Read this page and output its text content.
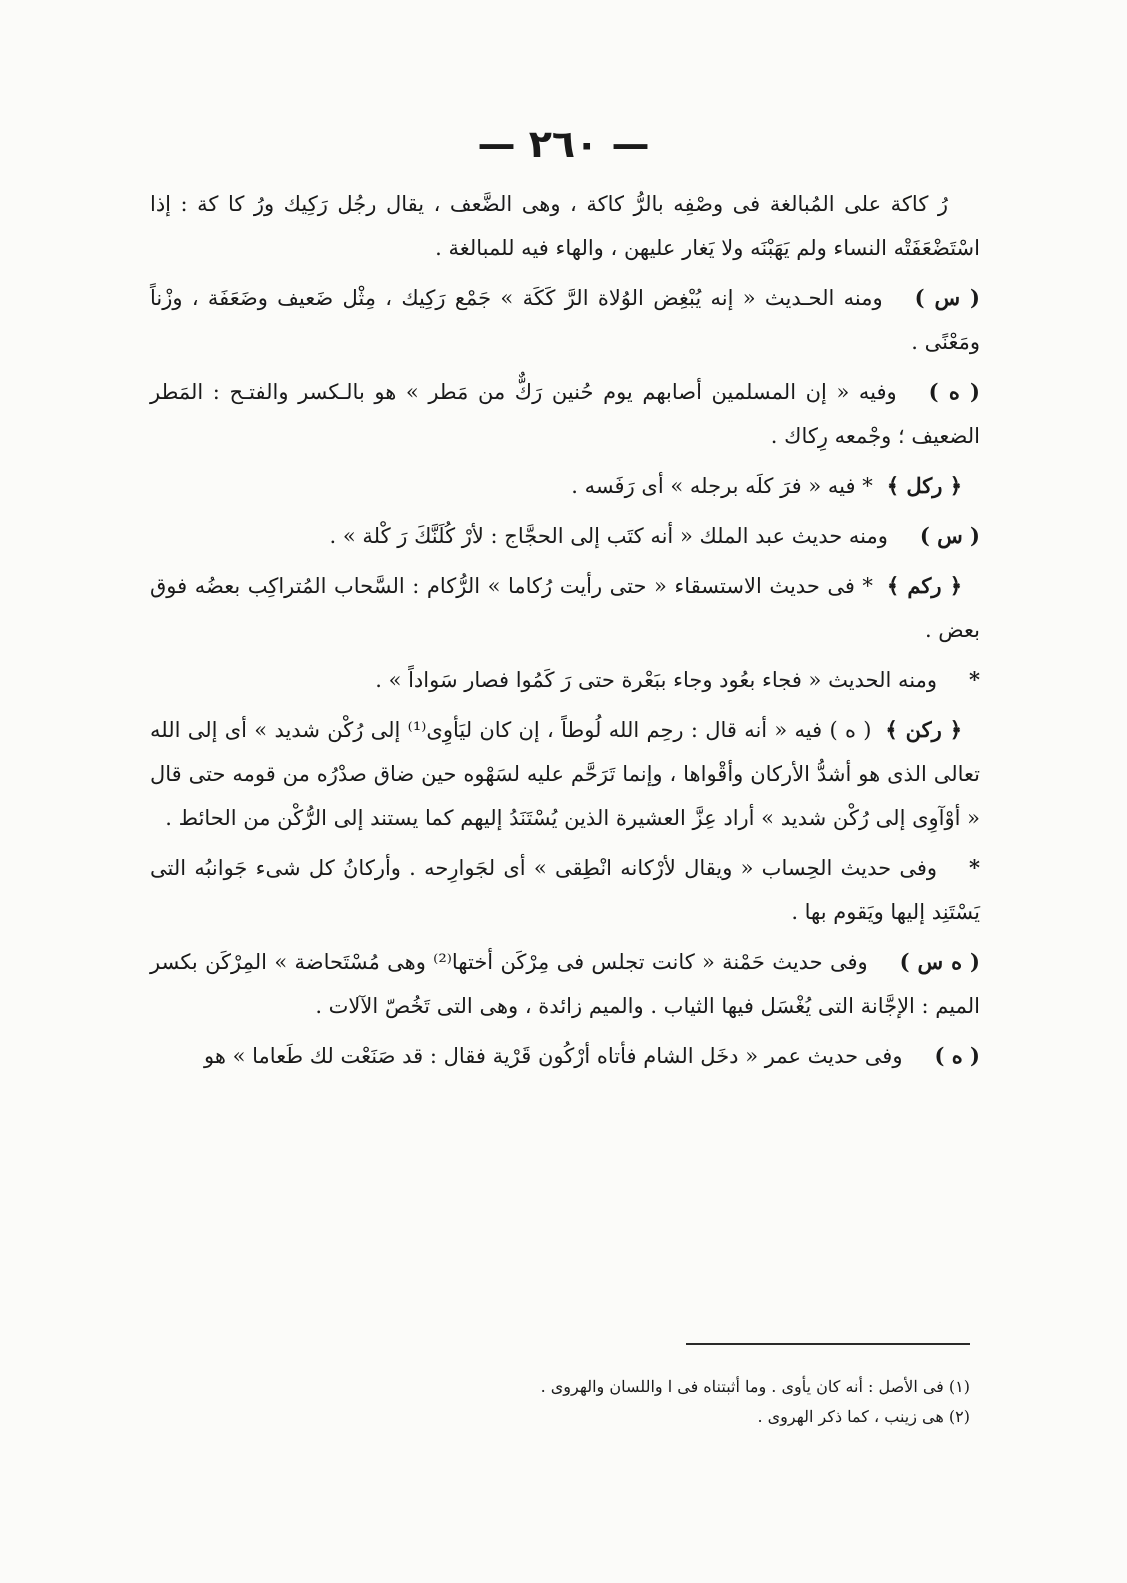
— ٢٦٠ —

رُ كاكة على المُبالغة فى وصْفِه بالرُّ كاكة ، وهى الضَّعف ، يقال رجُل رَكِيك ورُ كا كة : إذا اسْتَضْعَفَتْه النساء ولم يَهَبْنَه ولا يَغار عليهن ، والهاء فيه للمبالغة .

( س )ومنه الحـديث « إنه يُبْغِض الوُلاة الرَّ كَكَة » جَمْع رَكِيك ، مِثْل ضَعيف وضَعَفَة ، وزْناً ومَعْنًى .

( ه )وفيه « إن المسلمين أصابهم يوم حُنين رَكٌّ من مَطر » هو بالـكسر والفتـح : المَطر الضعيف ؛ وجْمعه رِكاك .

﴿ ركل ﴾* فيه « فرَ كلَه برجله » أى رَفَسه .

( س )ومنه حديث عبد الملك « أنه كتَب إلى الحجَّاج : لأرْ كُلَنَّكَ رَ كْلة » .

﴿ ركم ﴾* فى حديث الاستسقاء « حتى رأيت رُكاما » الرُّكام : السَّحاب المُتراكِب بعضُه فوق بعض .

*ومنه الحديث « فجاء بعُود وجاء ببَعْرة حتى رَ كَمُوا فصار سَواداً » .

﴿ ركن ﴾( ه ) فيه « أنه قال : رحِم الله لُوطاً ، إن كان ليَأوِى⁽¹⁾ إلى رُكْن شديد » أى إلى الله تعالى الذى هو أشدُّ الأركان وأقْواها ، وإنما تَرَحَّم عليه لسَهْوه حين ضاق صدْرُه من قومه حتى قال « أوْآوِى إلى رُكْن شديد » أراد عِزَّ العشيرة الذين يُسْتَنَدُ إليهم كما يستند إلى الرُّكْن من الحائط .

*وفى حديث الحِساب « ويقال لأرْكانه انْطِقى » أى لجَوارِحه . وأركانُ كل شىء جَوانبُه التى يَسْتَنِد إليها ويَقوم بها .

( ه س )وفى حديث حَمْنة « كانت تجلس فى مِرْكَن أختها⁽²⁾ وهى مُسْتَحاضة » المِرْكَن بكسر الميم : الإجَّانة التى يُغْسَل فيها الثياب . والميم زائدة ، وهى التى تَخُصّ الآلات .

( ه )وفى حديث عمر « دخَل الشام فأتاه أرْكُون قَرْية فقال : قد صَنَعْت لك طَعاما » هو

(١) فى الأصل : أنه كان يأوى . وما أثبتناه فى ا واللسان والهروى .

(٢) هى زينب ، كما ذكر الهروى .
